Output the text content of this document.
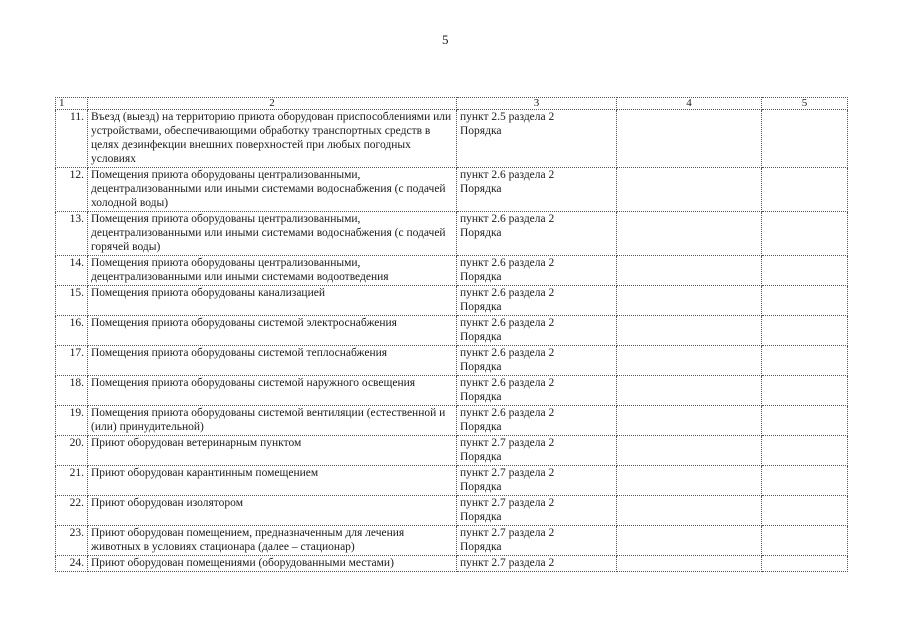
5
1	2	3	4	5
11.	Въезд (выезд) на территорию приюта оборудован приспособлениями или устройствами, обеспечивающими обработку транспортных средств в целях дезинфекции внешних поверхностей при любых погодных условиях	пункт 2.5 раздела 2
Порядка		

12.	Помещения приюта оборудованы централизованными, децентрализованными или иными системами водоснабжения (с подачей холодной воды)	пункт 2.6 раздела 2
Порядка		

13.	Помещения приюта оборудованы централизованными, децентрализованными или иными системами водоснабжения (с подачей горячей воды)	пункт 2.6 раздела 2
Порядка		

14.	Помещения приюта оборудованы централизованными, децентрализованными или иными системами водоотведения	пункт 2.6 раздела 2
Порядка		

15.	Помещения приюта оборудованы канализацией	пункт 2.6 раздела 2
Порядка		

16.	Помещения приюта оборудованы системой электроснабжения	пункт 2.6 раздела 2
Порядка		

17.	Помещения приюта оборудованы системой теплоснабжения	пункт 2.6 раздела 2
Порядка		

18.	Помещения приюта оборудованы системой наружного освещения	пункт 2.6 раздела 2
Порядка		

19.	Помещения приюта оборудованы системой вентиляции (естественной и (или) принудительной)	пункт 2.6 раздела 2
Порядка		

20.	Приют оборудован ветеринарным пунктом	пункт 2.7 раздела 2
Порядка		

21.	Приют оборудован карантинным помещением	пункт 2.7 раздела 2
Порядка		

22.	Приют оборудован изолятором	пункт 2.7 раздела 2
Порядка		

23.	Приют оборудован помещением, предназначенным для лечения животных в условиях стационара (далее – стационар)	пункт 2.7 раздела 2
Порядка		

24.	Приют оборудован помещениями (оборудованными местами)	пункт 2.7 раздела 2		
